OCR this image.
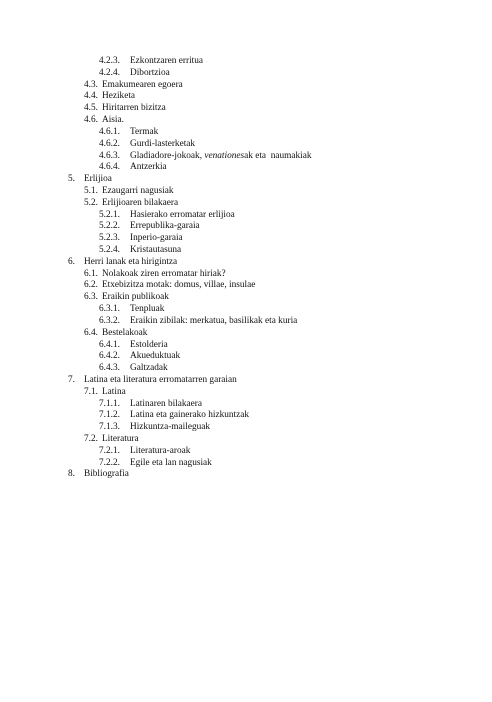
4.2.3. Ezkontzaren erritua
4.2.4. Dibortzioa
4.3. Emakumearen egoera
4.4. Heziketa
4.5. Hiritarren bizitza
4.6. Aisia.
4.6.1. Termak
4.6.2. Gurdi-lasterketak
4.6.3. Gladiadore-jokoak, venationesak eta  naumakiak
4.6.4. Antzerkia
5. Erlijioa
5.1. Ezaugarri nagusiak
5.2. Erlijioaren bilakaera
5.2.1. Hasierako erromatar erlijioa
5.2.2. Errepublika-garaia
5.2.3. Inperio-garaia
5.2.4. Kristautasuna
6. Herri lanak eta hirigintza
6.1. Nolakoak ziren erromatar hiriak?
6.2. Etxebizitza motak: domus, villae, insulae
6.3. Eraikin publikoak
6.3.1. Tenpluak
6.3.2. Eraikin zibilak: merkatua, basilikak eta kuria
6.4. Bestelakoak
6.4.1. Estolderia
6.4.2. Akueduktuak
6.4.3. Galtzadak
7. Latina eta literatura erromatarren garaian
7.1. Latina
7.1.1. Latinaren bilakaera
7.1.2. Latina eta gainerako hizkuntzak
7.1.3. Hizkuntza-maileguak
7.2. Literatura
7.2.1. Literatura-aroak
7.2.2. Egile eta lan nagusiak
8. Bibliografia
